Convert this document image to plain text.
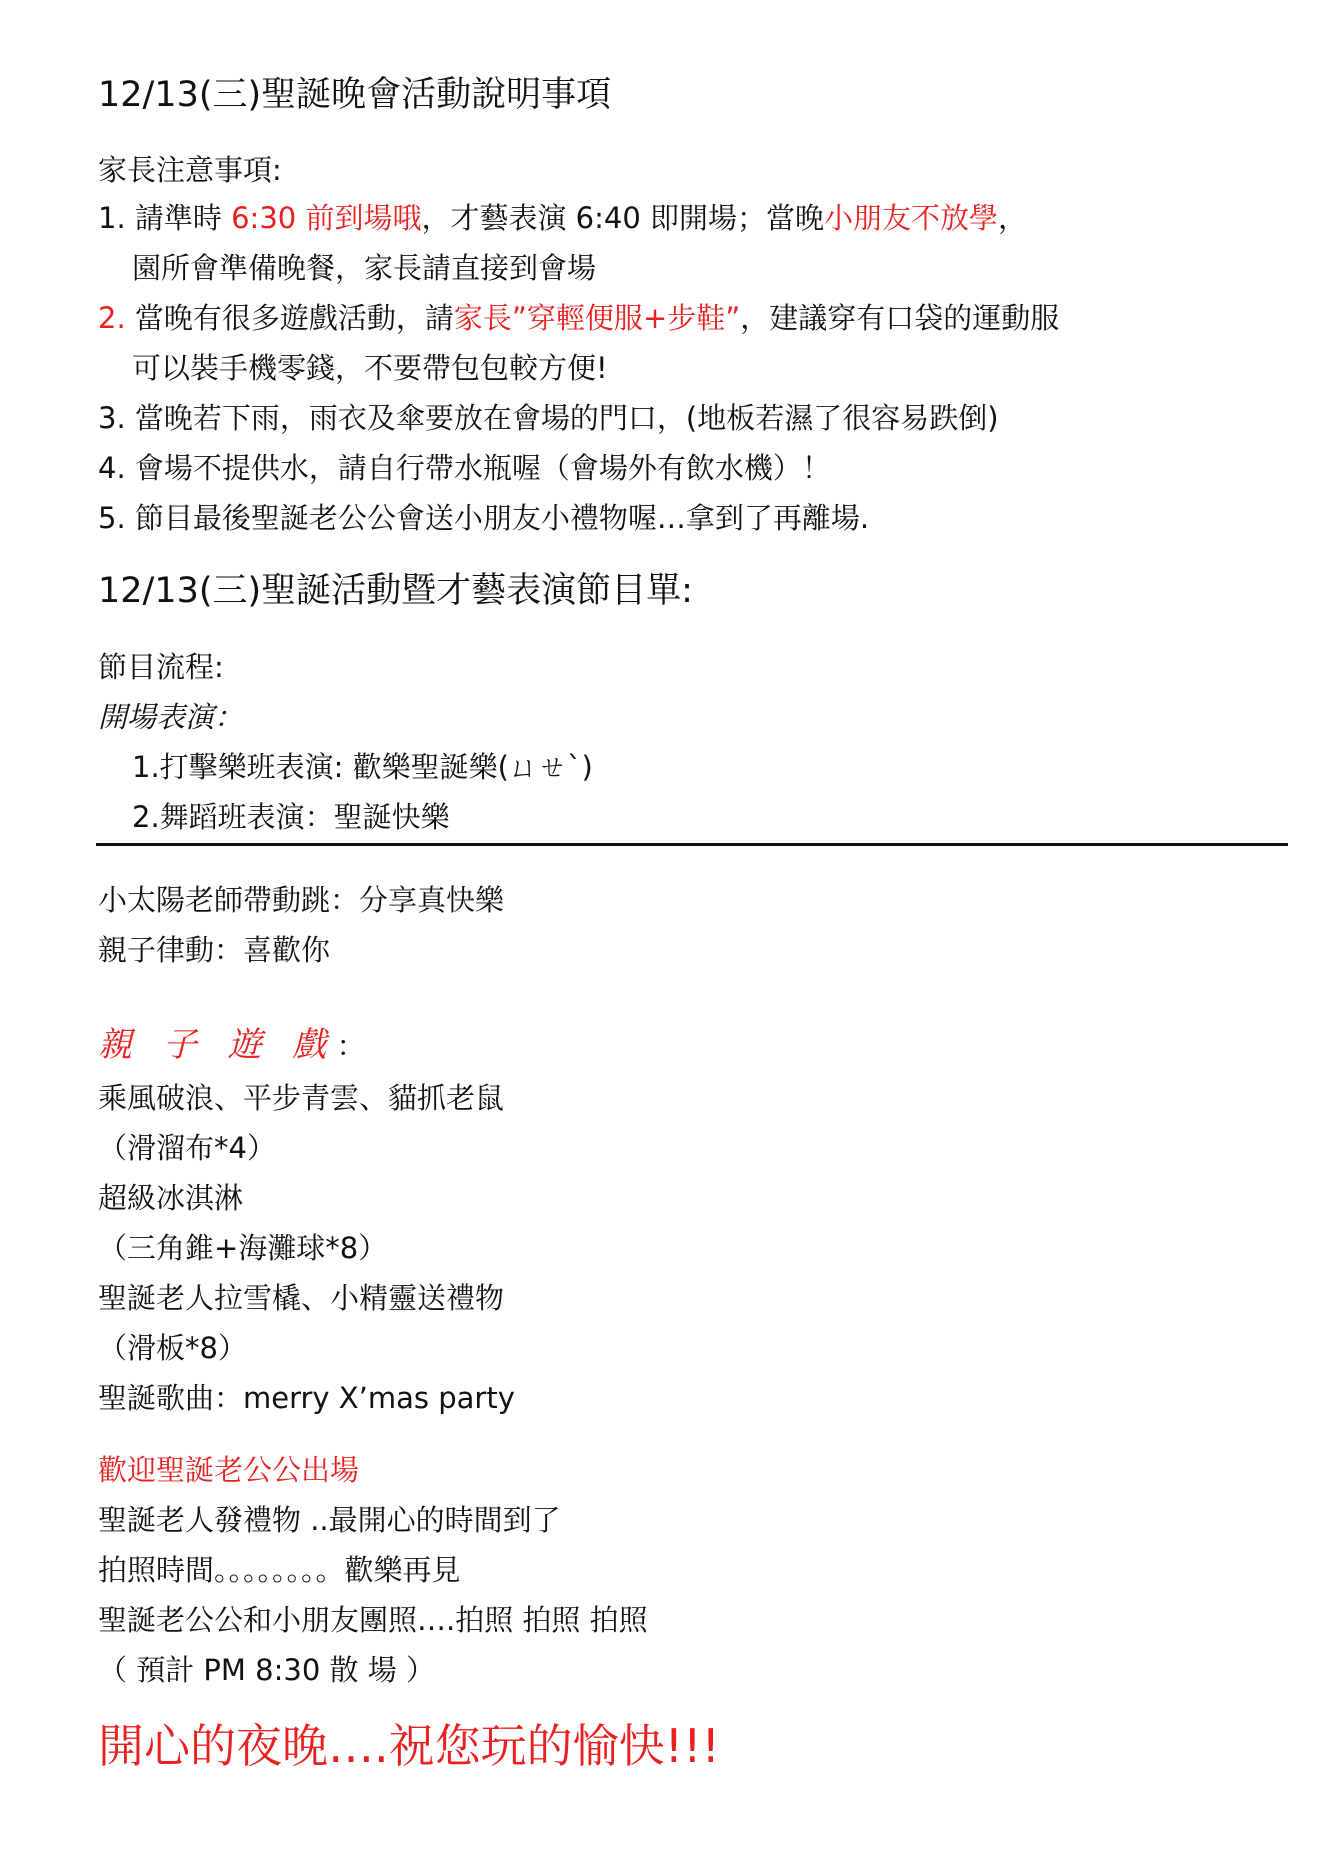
12/13(三)聖誕晚會活動說明事項
家長注意事項:
1. 請準時 6:30 前到場哦，才藝表演 6:40 即開場；當晚小朋友不放學，
園所會準備晚餐，家長請直接到會場
2. 當晚有很多遊戲活動，請家長”穿輕便服+步鞋”，建議穿有口袋的運動服
可以裝手機零錢，不要帶包包較方便!
3. 當晚若下雨，雨衣及傘要放在會場的門口，(地板若濕了很容易跌倒)
4. 會場不提供水，請自行帶水瓶喔（會場外有飲水機）！
5. 節目最後聖誕老公公會送小朋友小禮物喔…拿到了再離場.
12/13(三)聖誕活動暨才藝表演節目單:
節目流程:
開場表演：
1.打擊樂班表演: 歡樂聖誕樂(ㄩㄝˋ)
2.舞蹈班表演：聖誕快樂
小太陽老師帶動跳：分享真快樂
親子律動：喜歡你
親 子 遊 戲：
乘風破浪、平步青雲、貓抓老鼠
（滑溜布*4）
超級冰淇淋
（三角錐+海灘球*8）
聖誕老人拉雪橇、小精靈送禮物
（滑板*8）
聖誕歌曲：merry X’mas party
歡迎聖誕老公公出場
聖誕老人發禮物 ..最開心的時間到了
拍照時間。。。。。。。。歡樂再見
聖誕老公公和小朋友團照….拍照 拍照 拍照
（ 預計 PM 8:30 散 場 ）
開心的夜晚….祝您玩的愉快!!!
